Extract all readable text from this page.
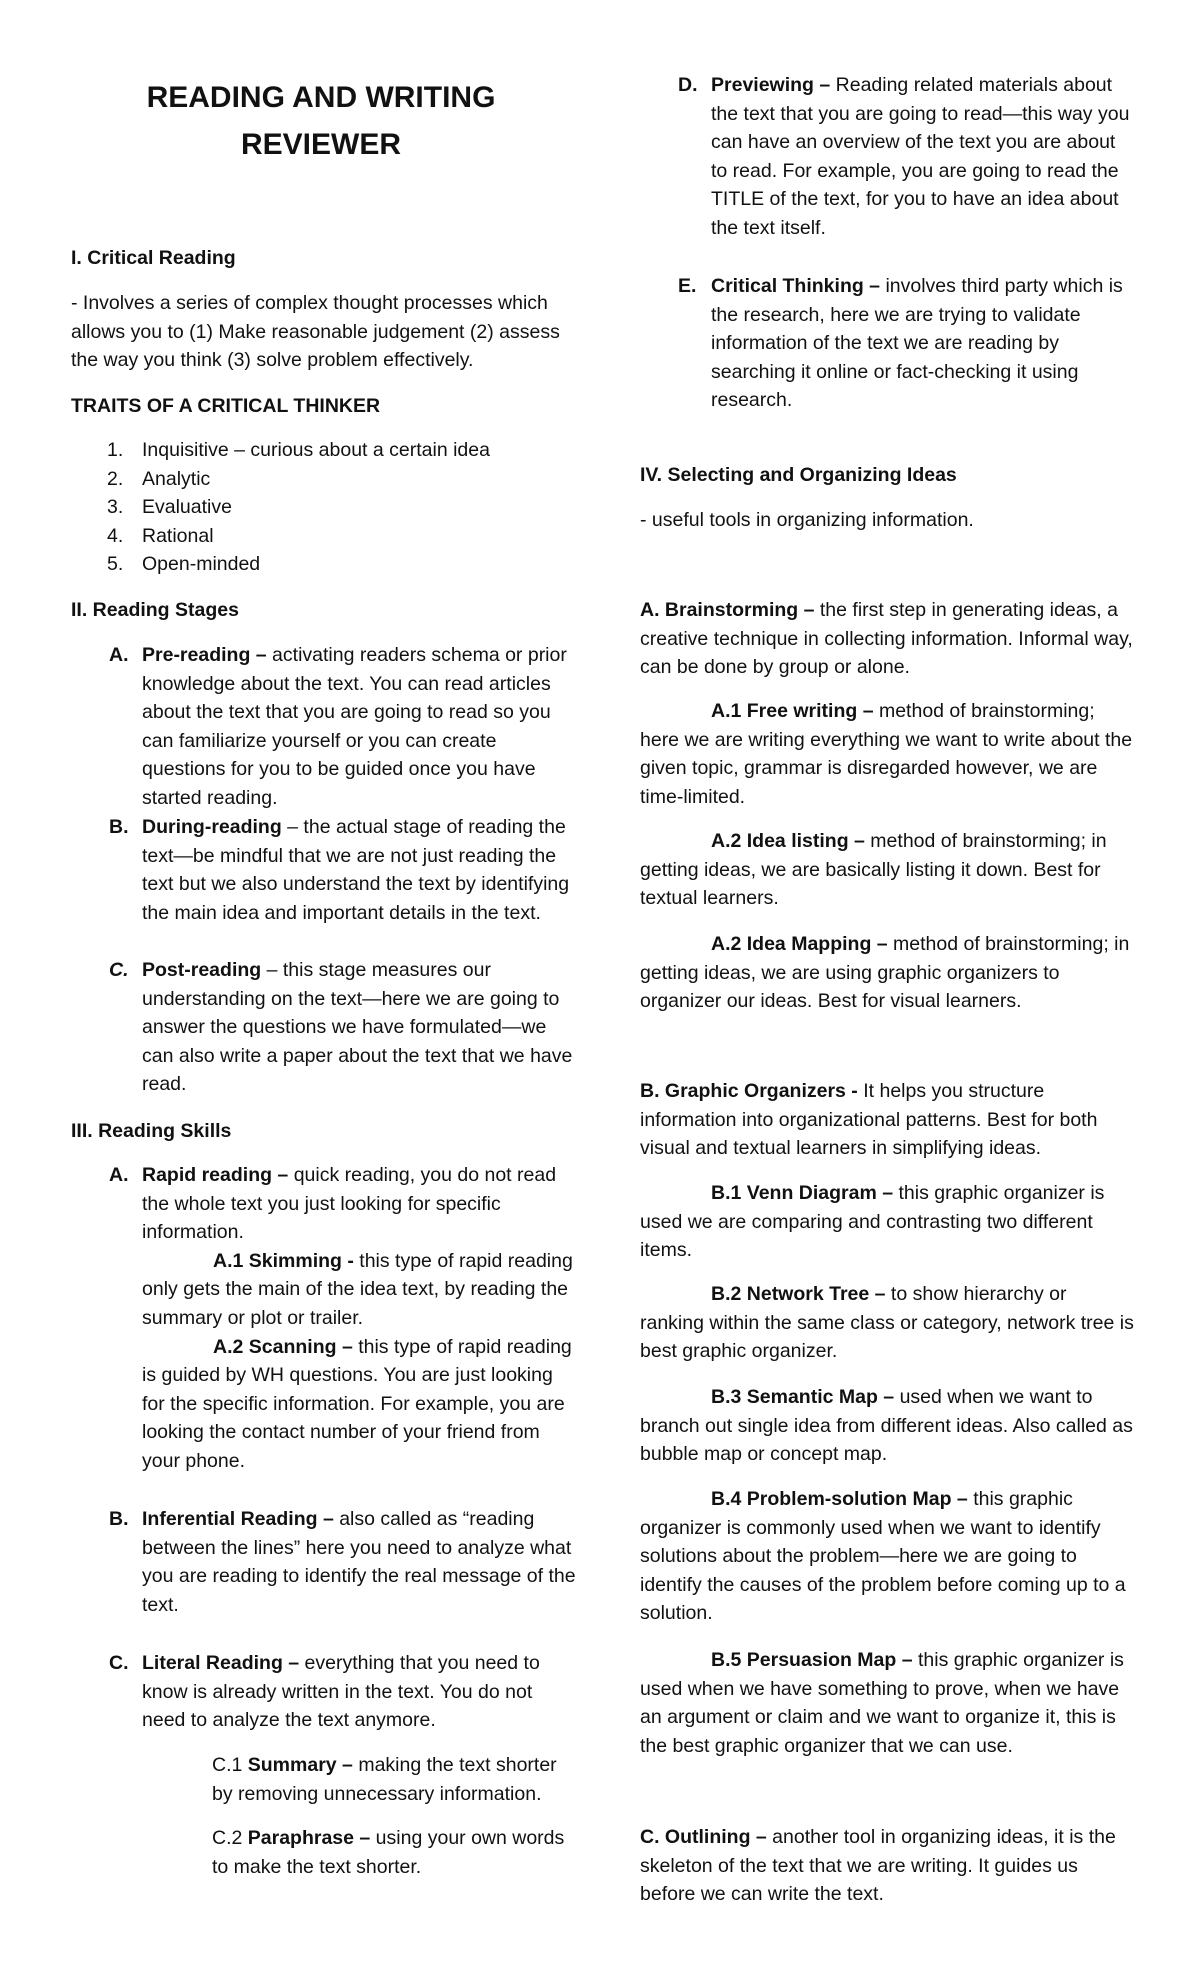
READING AND WRITING
REVIEWER

I. Critical Reading

- Involves a series of complex thought processes which allows you to (1) Make reasonable judgement (2) assess the way you think (3) solve problem effectively.

TRAITS OF A CRITICAL THINKER

1. Inquisitive – curious about a certain idea
2. Analytic
3. Evaluative
4. Rational
5. Open-minded

II. Reading Stages

A. Pre-reading – activating readers schema or prior knowledge about the text. You can read articles about the text that you are going to read so you can familiarize yourself or you can create questions for you to be guided once you have started reading.
B. During-reading – the actual stage of reading the text—be mindful that we are not just reading the text but we also understand the text by identifying the main idea and important details in the text.
C. Post-reading – this stage measures our understanding on the text—here we are going to answer the questions we have formulated—we can also write a paper about the text that we have read.

III. Reading Skills

A. Rapid reading – quick reading, you do not read the whole text you just looking for specific information.

A.1 Skimming - this type of rapid reading only gets the main of the idea text, by reading the summary or plot or trailer.

A.2 Scanning – this type of rapid reading is guided by WH questions. You are just looking for the specific information. For example, you are looking the contact number of your friend from your phone.

B. Inferential Reading – also called as “reading between the lines” here you need to analyze what you are reading to identify the real message of the text.
C. Literal Reading – everything that you need to know is already written in the text. You do not need to analyze the text anymore.

C.1 Summary – making the text shorter by removing unnecessary information.

C.2 Paraphrase – using your own words to make the text shorter.

D. Previewing – Reading related materials about the text that you are going to read—this way you can have an overview of the text you are about to read. For example, you are going to read the TITLE of the text, for you to have an idea about the text itself.
E. Critical Thinking – involves third party which is the research, here we are trying to validate information of the text we are reading by searching it online or fact-checking it using research.

IV. Selecting and Organizing Ideas

- useful tools in organizing information.

A. Brainstorming – the first step in generating ideas, a creative technique in collecting information. Informal way, can be done by group or alone.

A.1 Free writing – method of brainstorming; here we are writing everything we want to write about the given topic, grammar is disregarded however, we are time-limited.

A.2 Idea listing – method of brainstorming; in getting ideas, we are basically listing it down. Best for textual learners.

A.2 Idea Mapping – method of brainstorming; in getting ideas, we are using graphic organizers to organizer our ideas. Best for visual learners.

B. Graphic Organizers - It helps you structure information into organizational patterns. Best for both visual and textual learners in simplifying ideas.

B.1 Venn Diagram – this graphic organizer is used we are comparing and contrasting two different items.

B.2 Network Tree – to show hierarchy or ranking within the same class or category, network tree is best graphic organizer.

B.3 Semantic Map – used when we want to branch out single idea from different ideas. Also called as bubble map or concept map.

B.4 Problem-solution Map – this graphic organizer is commonly used when we want to identify solutions about the problem—here we are going to identify the causes of the problem before coming up to a solution.

B.5 Persuasion Map – this graphic organizer is used when we have something to prove, when we have an argument or claim and we want to organize it, this is the best graphic organizer that we can use.

C. Outlining – another tool in organizing ideas, it is the skeleton of the text that we are writing. It guides us before we can write the text.
